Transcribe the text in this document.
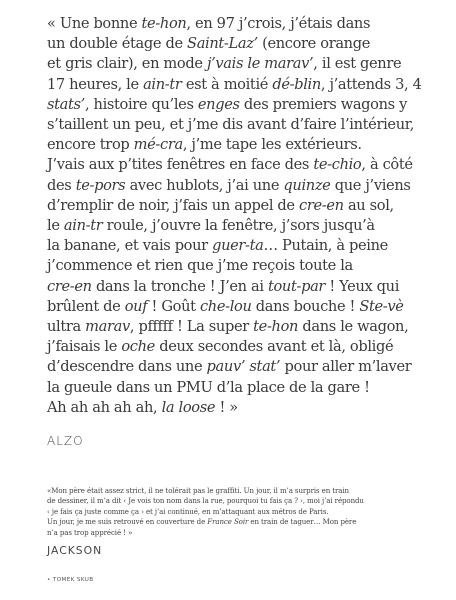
« Une bonne te-hon, en 97 j’crois, j’étais dans
un double étage de Saint-Laz’ (encore orange
et gris clair), en mode j’vais le marav’, il est genre
17 heures, le ain-tr est à moitié dé-blin, j’attends 3, 4
stats’, histoire qu’les enges des premiers wagons y
s’taillent un peu, et j’me dis avant d’faire l’intérieur,
encore trop mé-cra, j’me tape les extérieurs.
J’vais aux p’tites fenêtres en face des te-chio, à côté
des te-pors avec hublots, j’ai une quinze que j’viens
d’remplir de noir, j’fais un appel de cre-en au sol,
le ain-tr roule, j’ouvre la fenêtre, j’sors jusqu’à
la banane, et vais pour guer-ta… Putain, à peine
j’commence et rien que j’me reçois toute la
cre-en dans la tronche ! J’en ai tout-par ! Yeux qui
brûlent de ouf ! Goût che-lou dans bouche ! Ste-vè
ultra marav, pfffff ! La super te-hon dans le wagon,
j’faisais le oche deux secondes avant et là, obligé
d’descendre dans une pauv’ stat’ pour aller m’laver
la gueule dans un PMU d’la place de la gare !
Ah ah ah ah ah, la loose ! »
ALZO
«Mon père était assez strict, il ne tolérait pas le graffiti. Un jour, il m’a surpris en train
de dessiner, il m’a dit ‹ Je vois ton nom dans la rue, pourquoi tu fais ça ? ›, moi j’ai répondu
‹ je fais ça juste comme ça › et j’ai continué, en m’attaquant aux métros de Paris.
Un jour, je me suis retrouvé en couverture de France Soir en train de taguer… Mon père
n’a pas trop apprécié ! »
JACKSON
• TOMEK SKUB
